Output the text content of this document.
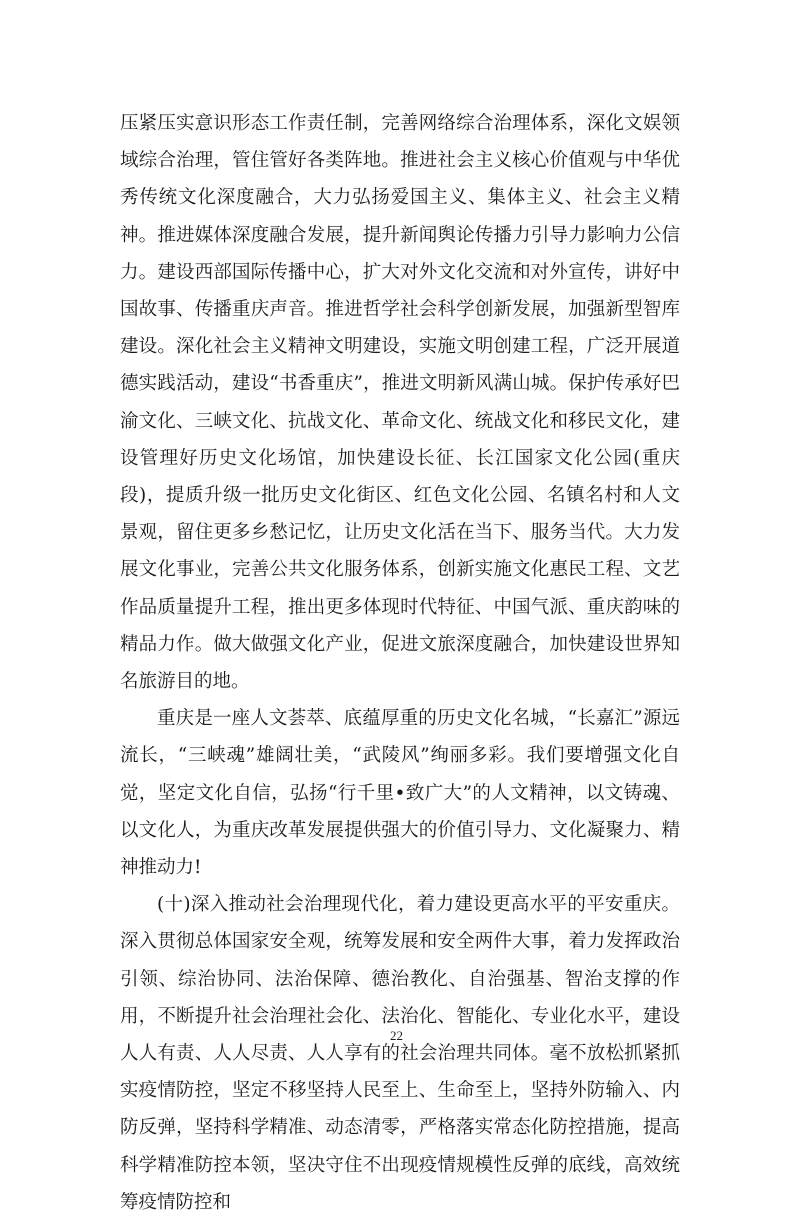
压紧压实意识形态工作责任制，完善网络综合治理体系，深化文娱领域综合治理，管住管好各类阵地。推进社会主义核心价值观与中华优秀传统文化深度融合，大力弘扬爱国主义、集体主义、社会主义精神。推进媒体深度融合发展，提升新闻舆论传播力引导力影响力公信力。建设西部国际传播中心，扩大对外文化交流和对外宣传，讲好中国故事、传播重庆声音。推进哲学社会科学创新发展，加强新型智库建设。深化社会主义精神文明建设，实施文明创建工程，广泛开展道德实践活动，建设“书香重庆”，推进文明新风满山城。保护传承好巴渝文化、三峡文化、抗战文化、革命文化、统战文化和移民文化，建设管理好历史文化场馆，加快建设长征、长江国家文化公园(重庆段)，提质升级一批历史文化街区、红色文化公园、名镇名村和人文景观，留住更多乡愁记忆，让历史文化活在当下、服务当代。大力发展文化事业，完善公共文化服务体系，创新实施文化惠民工程、文艺作品质量提升工程，推出更多体现时代特征、中国气派、重庆韵味的精品力作。做大做强文化产业，促进文旅深度融合，加快建设世界知名旅游目的地。

重庆是一座人文荟萃、底蕴厚重的历史文化名城，“长嘉汇”源远流长，“三峡魂”雄阔壮美，“武陵风”绚丽多彩。我们要增强文化自觉，坚定文化自信，弘扬“行千里•致广大”的人文精神，以文铸魂、以文化人，为重庆改革发展提供强大的价值引导力、文化凝聚力、精神推动力!

(十)深入推动社会治理现代化，着力建设更高水平的平安重庆。深入贯彻总体国家安全观，统筹发展和安全两件大事，着力发挥政治引领、综治协同、法治保障、德治教化、自治强基、智治支撑的作用，不断提升社会治理社会化、法治化、智能化、专业化水平，建设人人有责、人人尽责、人人享有的社会治理共同体。毫不放松抓紧抓实疫情防控，坚定不移坚持人民至上、生命至上，坚持外防输入、内防反弹，坚持科学精准、动态清零，严格落实常态化防控措施，提高科学精准防控本领，坚决守住不出现疫情规模性反弹的底线，高效统筹疫情防控和

22
